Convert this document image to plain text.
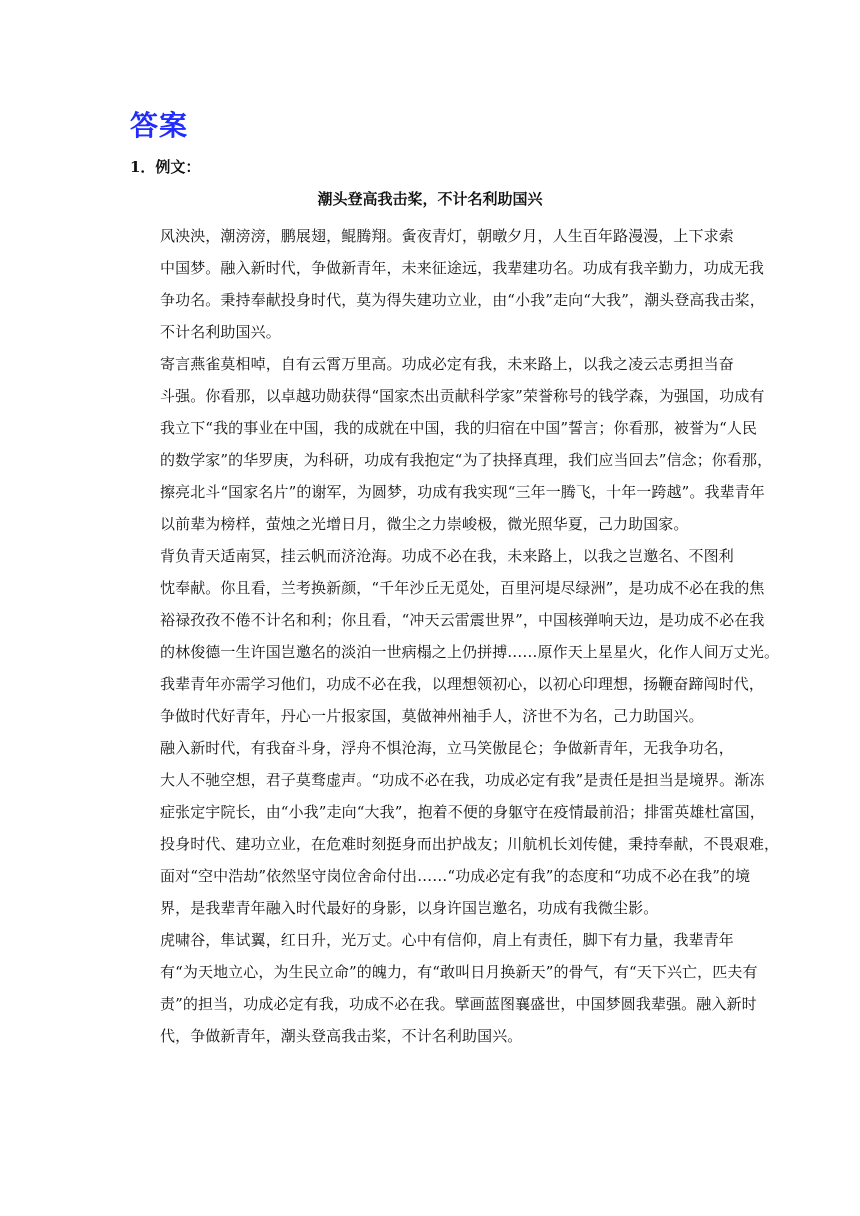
答案
1．例文：
潮头登高我击桨，不计名利助国兴

风泱泱，潮滂滂，鹏展翅，鲲腾翔。夤夜青灯，朝暾夕月，人生百年路漫漫，上下求索
中国梦。融入新时代，争做新青年，未来征途远，我辈建功名。功成有我辛勤力，功成无我
争功名。秉持奉献投身时代，莫为得失建功立业，由“小我”走向“大我”，潮头登高我击桨，
不计名利助国兴。

寄言燕雀莫相啅，自有云霄万里高。功成必定有我，未来路上，以我之凌云志勇担当奋
斗强。你看那，以卓越功勋获得“国家杰出贡献科学家”荣誉称号的钱学森，为强国，功成有
我立下“我的事业在中国，我的成就在中国，我的归宿在中国”誓言；你看那，被誉为“人民
的数学家”的华罗庚，为科研，功成有我抱定“为了抉择真理，我们应当回去”信念；你看那，
擦亮北斗“国家名片”的谢军，为圆梦，功成有我实现“三年一腾飞，十年一跨越”。我辈青年
以前辈为榜样，萤烛之光增日月，微尘之力崇峻极，微光照华夏，己力助国家。

背负青天适南冥，挂云帆而济沧海。功成不必在我，未来路上，以我之岂邀名、不图利
忱奉献。你且看，兰考换新颜，“千年沙丘无觅处，百里河堤尽绿洲”，是功成不必在我的焦
裕禄孜孜不倦不计名和利；你且看，“冲天云雷震世界”，中国核弹响天边，是功成不必在我
的林俊德一生许国岂邀名的淡泊一世病榻之上仍拼搏……原作天上星星火，化作人间万丈光。
我辈青年亦需学习他们，功成不必在我，以理想领初心，以初心印理想，扬鞭奋蹄闯时代，
争做时代好青年，丹心一片报家国，莫做神州袖手人，济世不为名，己力助国兴。

融入新时代，有我奋斗身，浮舟不惧沧海，立马笑傲昆仑；争做新青年，无我争功名，
大人不驰空想，君子莫骛虚声。“功成不必在我，功成必定有我”是责任是担当是境界。渐冻
症张定宇院长，由“小我”走向“大我”，抱着不便的身躯守在疫情最前沿；排雷英雄杜富国，
投身时代、建功立业，在危难时刻挺身而出护战友；川航机长刘传健，秉持奉献，不畏艰难，
面对“空中浩劫”依然坚守岗位舍命付出……“功成必定有我”的态度和“功成不必在我”的境
界，是我辈青年融入时代最好的身影，以身许国岂邀名，功成有我微尘影。

虎啸谷，隼试翼，红日升，光万丈。心中有信仰，肩上有责任，脚下有力量，我辈青年
有“为天地立心，为生民立命”的魄力，有“敢叫日月换新天”的骨气，有“天下兴亡，匹夫有
责”的担当，功成必定有我，功成不必在我。擘画蓝图襄盛世，中国梦圆我辈强。融入新时
代，争做新青年，潮头登高我击桨，不计名利助国兴。
